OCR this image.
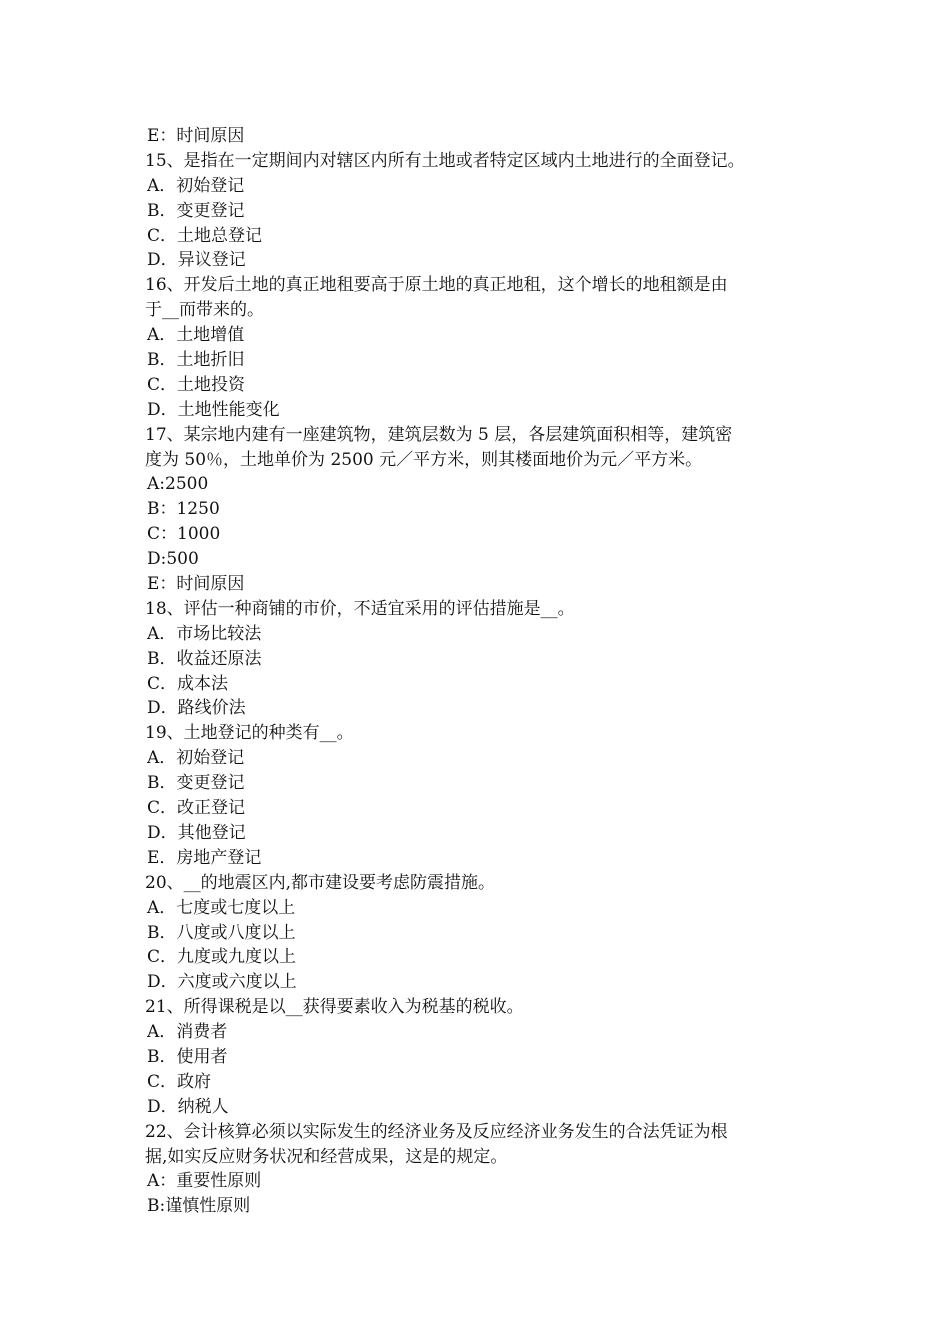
E：时间原因
15、是指在一定期间内对辖区内所有土地或者特定区域内土地进行的全面登记。
A．初始登记
B．变更登记
C．土地总登记
D．异议登记
16、开发后土地的真正地租要高于原土地的真正地租，这个增长的地租额是由
于__而带来的。
A．土地增值
B．土地折旧
C．土地投资
D．土地性能变化
17、某宗地内建有一座建筑物，建筑层数为 5 层，各层建筑面积相等，建筑密
度为 50％，土地单价为 2500 元／平方米，则其楼面地价为元／平方米。
A:2500
B：1250
C：1000
D:500
E：时间原因
18、评估一种商铺的市价，不适宜采用的评估措施是__。
A．市场比较法
B．收益还原法
C．成本法
D．路线价法
19、土地登记的种类有__。
A．初始登记
B．变更登记
C．改正登记
D．其他登记
E．房地产登记
20、__的地震区内,都市建设要考虑防震措施。
A．七度或七度以上
B．八度或八度以上
C．九度或九度以上
D．六度或六度以上
21、所得课税是以__获得要素收入为税基的税收。
A．消费者
B．使用者
C．政府
D．纳税人
22、会计核算必须以实际发生的经济业务及反应经济业务发生的合法凭证为根
据,如实反应财务状况和经营成果，这是的规定。
A：重要性原则
B:谨慎性原则
